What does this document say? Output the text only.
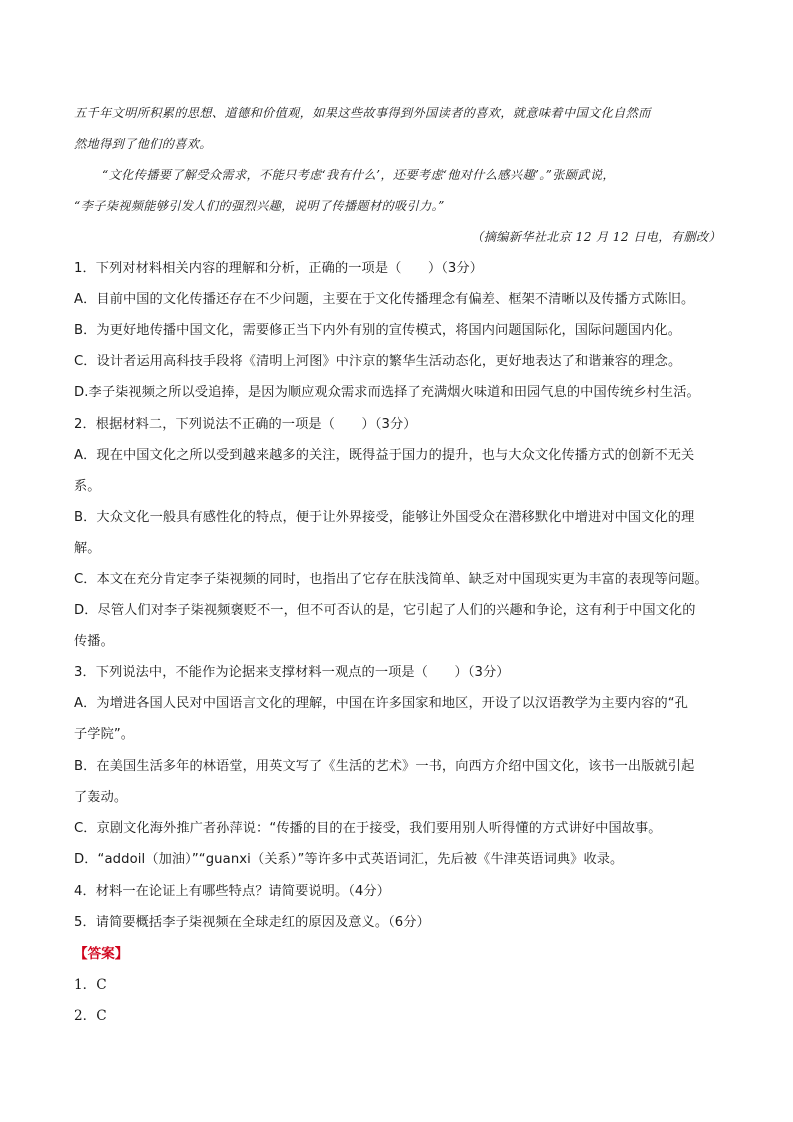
五千年文明所积累的思想、道德和价值观，如果这些故事得到外国读者的喜欢，就意味着中国文化自然而
然地得到了他们的喜欢。
“文化传播要了解受众需求，不能只考虑‘我有什么’，还要考虑‘他对什么感兴趣’。”张颐武说，
“李子柒视频能够引发人们的强烈兴趣，说明了传播题材的吸引力。”
（摘编新华社北京 12 月 12 日电，有删改）
1．下列对材料相关内容的理解和分析，正确的一项是（　　）（3分）
A．目前中国的文化传播还存在不少问题，主要在于文化传播理念有偏差、框架不清晰以及传播方式陈旧。
B．为更好地传播中国文化，需要修正当下内外有别的宣传模式，将国内问题国际化，国际问题国内化。
C．设计者运用高科技手段将《清明上河图》中汴京的繁华生活动态化，更好地表达了和谐兼容的理念。
D.李子柒视频之所以受追捧，是因为顺应观众需求而选择了充满烟火味道和田园气息的中国传统乡村生活。
2．根据材料二，下列说法不正确的一项是（　　）（3分）
A．现在中国文化之所以受到越来越多的关注，既得益于国力的提升，也与大众文化传播方式的创新不无关
系。
B．大众文化一般具有感性化的特点，便于让外界接受，能够让外国受众在潜移默化中增进对中国文化的理
解。
C．本文在充分肯定李子柒视频的同时，也指出了它存在肤浅简单、缺乏对中国现实更为丰富的表现等问题。
D．尽管人们对李子柒视频褒贬不一，但不可否认的是，它引起了人们的兴趣和争论，这有利于中国文化的
传播。
3．下列说法中，不能作为论据来支撑材料一观点的一项是（　　）（3分）
A．为增进各国人民对中国语言文化的理解，中国在许多国家和地区，开设了以汉语教学为主要内容的“孔
子学院”。
B．在美国生活多年的林语堂，用英文写了《生活的艺术》一书，向西方介绍中国文化，该书一出版就引起
了轰动。
C．京剧文化海外推广者孙萍说：“传播的目的在于接受，我们要用别人听得懂的方式讲好中国故事。
D．“addoil（加油）”“guanxi（关系）”等许多中式英语词汇，先后被《牛津英语词典》收录。
4．材料一在论证上有哪些特点？请简要说明。（4分）
5．请简要概括李子柒视频在全球走红的原因及意义。（6分）
【答案】
1．C
2．C
